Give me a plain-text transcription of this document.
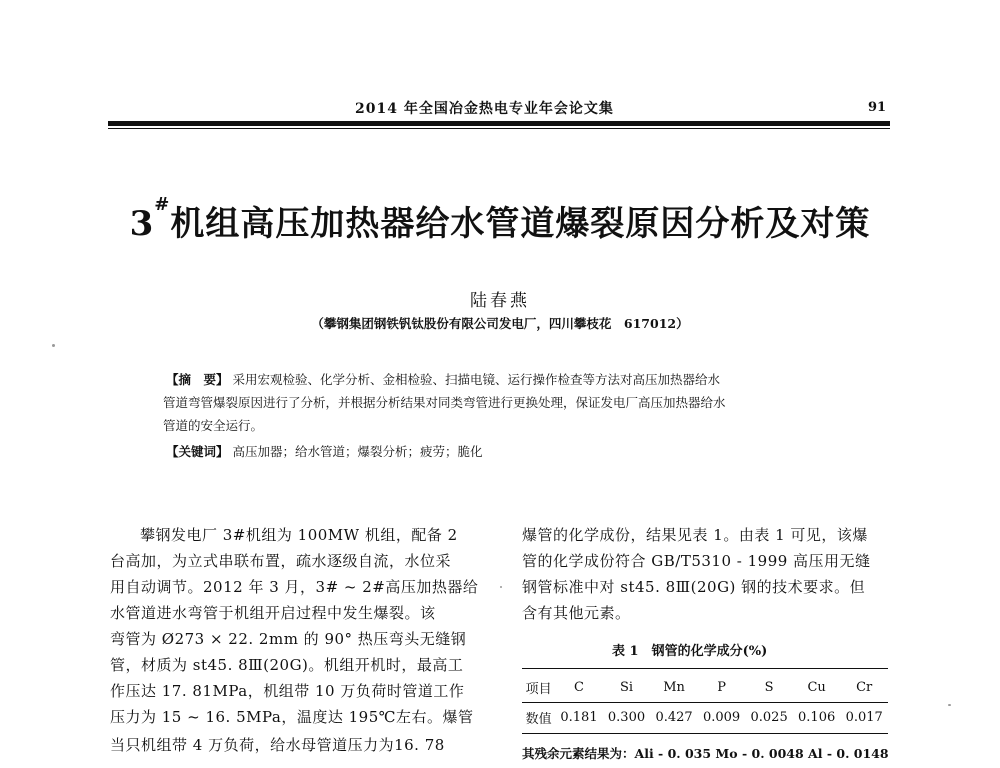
2014 年全国冶金热电专业年会论文集	91
3#机组高压加热器给水管道爆裂原因分析及对策
陆春燕
（攀钢集团钢铁钒钛股份有限公司发电厂，四川攀枝花　617012）
【摘　要】 采用宏观检验、化学分析、金相检验、扫描电镜、运行操作检查等方法对高压加热器给水
管道弯管爆裂原因进行了分析，并根据分析结果对同类弯管进行更换处理，保证发电厂高压加热器给水
管道的安全运行。
【关键词】 高压加器；给水管道；爆裂分析；疲劳；脆化
攀钢发电厂 3#机组为 100MW 机组，配备 2
台高加，为立式串联布置，疏水逐级自流，水位采
用自动调节。2012 年 3 月，3# ~ 2#高压加热器给
水管道进水弯管于机组开启过程中发生爆裂。该
弯管为 Ø273 × 22. 2mm 的 90° 热压弯头无缝钢
管，材质为 st45. 8Ⅲ(20G)。机组开机时，最高工
作压达 17. 81MPa，机组带 10 万负荷时管道工作
压力为 15 ~ 16. 5MPa，温度达 195℃左右。爆管
当只机组带 4 万负荷，给水母管道压力为16. 78
爆管的化学成份，结果见表 1。由表 1 可见，该爆
管的化学成份符合 GB/T5310 - 1999 高压用无缝
钢管标准中对 st45. 8Ⅲ(20G) 钢的技术要求。但
含有其他元素。
表 1　钢管的化学成分(%)
项目	C	Si	Mn	P	S	Cu	Cr
数值	0.181	0.300	0.427	0.009	0.025	0.106	0.017
其残余元素结果为：Ali - 0. 035 Mo - 0. 0048 Al - 0. 0148
